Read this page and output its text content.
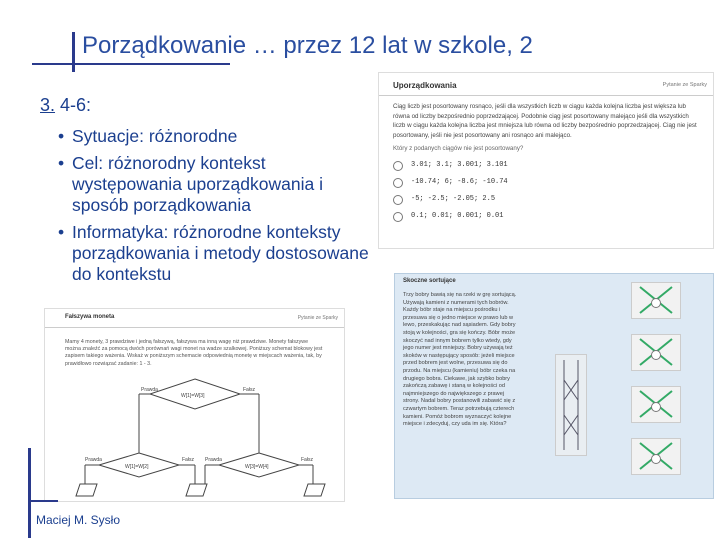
Porządkowanie … przez 12 lat w szkole, 2
3. 4-6:
• Sytuacje: różnorodne
• Cel: różnorodny kontekst występowania uporządkowania i sposób porządkowania
• Informatyka: różnorodne konteksty porządkowania i metody dostosowane do kontekstu
Uporządkowania	Pytanie ze Sparky
Ciąg liczb jest posortowany rosnąco, jeśli dla wszystkich liczb w ciągu każda kolejna liczba jest większa lub równa od liczby bezpośrednio poprzedzającej. Podobnie ciąg jest posortowany malejąco jeśli dla wszystkich liczb w ciągu każda kolejna liczba jest mniejsza lub równa od liczby bezpośrednio poprzedzającej. Ciąg nie jest posortowany, jeśli nie jest posortowany ani rosnąco ani malejąco.
Który z podanych ciągów nie jest posortowany?
3.01; 3.1; 3.001; 3.101
-10.74; 6; -8.6; -10.74
-5; -2.5; -2.05; 2.5
0.1; 0.01; 0.001; 0.01
Skoczne sortujące
Trzy bobry bawią się na rzeki w grę sortującą. Używają kamieni z numerami tych bobrów. Każdy bóbr staje na miejscu pośrodku i przesuwa się o jedno miejsce w prawo lub w lewo, przeskakując nad sąsiadem. Gdy bobry stoją w kolejności, gra się kończy. Bóbr może skoczyć nad innym bobrem tylko wtedy, gdy jego numer jest mniejszy. Bobry używają też skoków w następujący sposób: jeżeli miejsce przed bobrem jest wolne, przesuwa się do przodu. Na miejscu (kamieniu) bóbr czeka na drugiego bobra. Ciekawe, jak szybko bobry zakończą zabawę i staną w kolejności od najmniejszego do największego z prawej strony. Nadal bobry postanowili zabawić się z czwartym bobrem. Teraz potrzebują czterech kamieni. Pomóż bobrom wyznaczyć kolejne miejsce i zdecyduj, czy uda im się. Która?
Fałszywa moneta	Pytanie ze Sparky
Mamy 4 monety, 3 prawdziwe i jedną fałszywą, fałszywa ma inną wagę niż prawdziwe. Monety fałszywe można znaleźć za pomocą dwóch porównań wagi monet na wadze szalkowej. Poniższy schemat blokowy jest zapisem takiego ważenia. Wskaż w poniższym schemacie odpowiednią monetę w miejscach ważenia, tak, by prawidłowo rozwiązać zadanie: 1 - 3.
Prawda	Fałsz
W[1]=W[3]
Prawda	Fałsz
W[1]=W[2]
Prawda	Fałsz
W[3]=W[4]
Maciej M. Sysło
